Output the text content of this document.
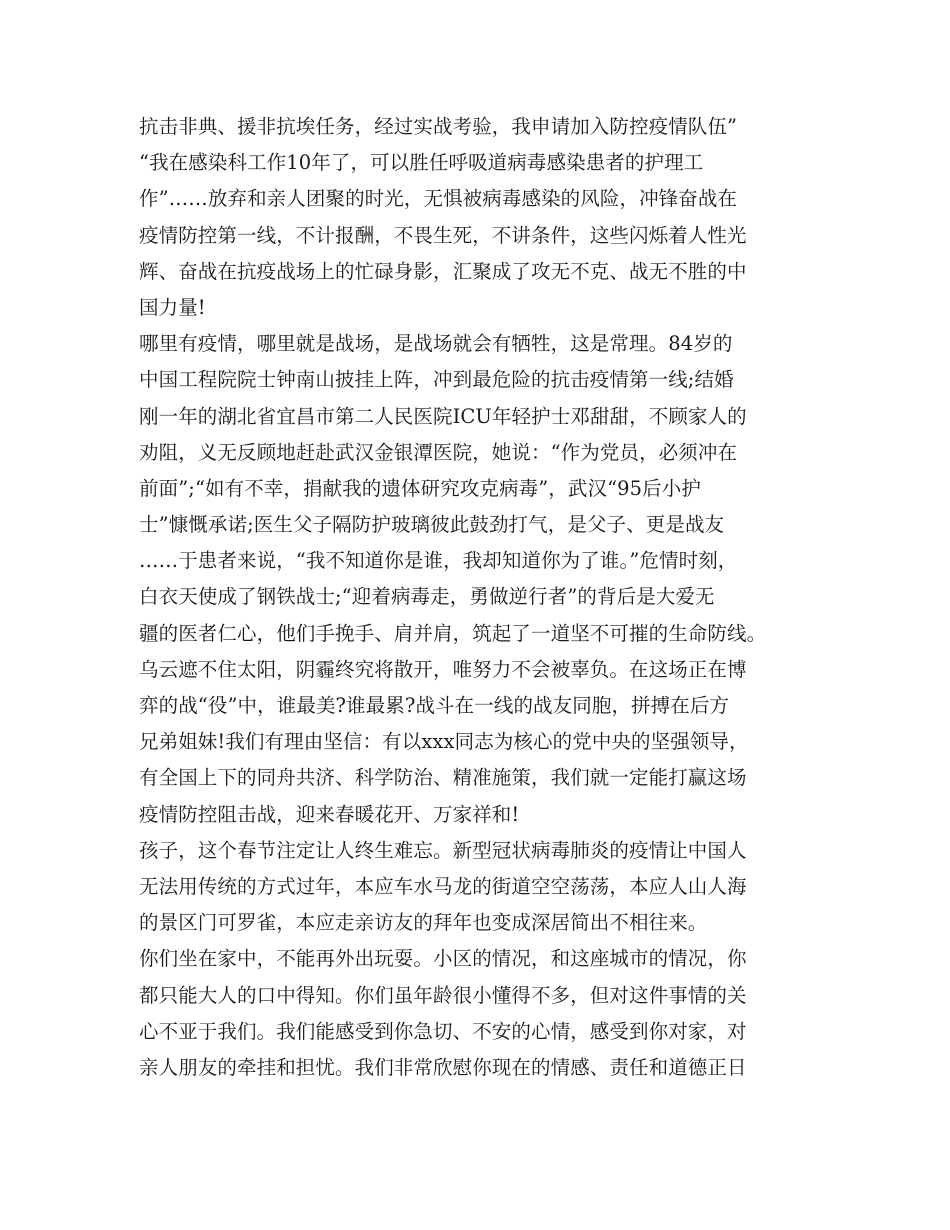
抗击非典、援非抗埃任务，经过实战考验，我申请加入防控疫情队伍”
“我在感染科工作10年了，可以胜任呼吸道病毒感染患者的护理工
作”……放弃和亲人团聚的时光，无惧被病毒感染的风险，冲锋奋战在
疫情防控第一线，不计报酬，不畏生死，不讲条件，这些闪烁着人性光
辉、奋战在抗疫战场上的忙碌身影，汇聚成了攻无不克、战无不胜的中
国力量!
哪里有疫情，哪里就是战场，是战场就会有牺牲，这是常理。84岁的
中国工程院院士钟南山披挂上阵，冲到最危险的抗击疫情第一线;结婚
刚一年的湖北省宜昌市第二人民医院ICU年轻护士邓甜甜，不顾家人的
劝阻，义无反顾地赶赴武汉金银潭医院，她说：“作为党员，必须冲在
前面”;“如有不幸，捐献我的遗体研究攻克病毒”，武汉“95后小护
士”慷慨承诺;医生父子隔防护玻璃彼此鼓劲打气，是父子、更是战友
……于患者来说，“我不知道你是谁，我却知道你为了谁。”危情时刻，
白衣天使成了钢铁战士;“迎着病毒走，勇做逆行者”的背后是大爱无
疆的医者仁心，他们手挽手、肩并肩，筑起了一道坚不可摧的生命防线。
乌云遮不住太阳，阴霾终究将散开，唯努力不会被辜负。在这场正在博
弈的战“役”中，谁最美?谁最累?战斗在一线的战友同胞，拼搏在后方
兄弟姐妹!我们有理由坚信：有以xxx同志为核心的党中央的坚强领导，
有全国上下的同舟共济、科学防治、精准施策，我们就一定能打赢这场
疫情防控阻击战，迎来春暖花开、万家祥和!
孩子，这个春节注定让人终生难忘。新型冠状病毒肺炎的疫情让中国人
无法用传统的方式过年，本应车水马龙的街道空空荡荡，本应人山人海
的景区门可罗雀，本应走亲访友的拜年也变成深居简出不相往来。
你们坐在家中，不能再外出玩耍。小区的情况，和这座城市的情况，你
都只能大人的口中得知。你们虽年龄很小懂得不多，但对这件事情的关
心不亚于我们。我们能感受到你急切、不安的心情，感受到你对家，对
亲人朋友的牵挂和担忧。我们非常欣慰你现在的情感、责任和道德正日
